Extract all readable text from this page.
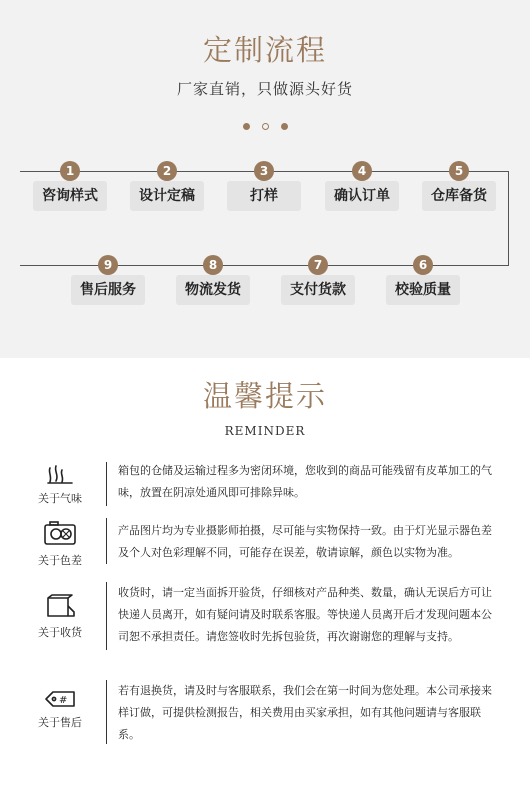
定制流程
厂家直销，只做源头好货
1
咨询样式
2
设计定稿
3
打样
4
确认订单
5
仓库备货
6
校验质量
7
支付货款
8
物流发货
9
售后服务
温馨提示
REMINDER
关于气味
箱包的仓储及运输过程多为密闭环境，您收到的商品可能残留有皮革加工的气味，放置在阴凉处通风即可排除异味。
关于色差
产品图片均为专业摄影师拍摄，尽可能与实物保持一致。由于灯光显示器色差及个人对色彩理解不同，可能存在误差，敬请谅解，颜色以实物为准。
关于收货
收货时，请一定当面拆开验货，仔细核对产品种类、数量，确认无误后方可让快递人员离开，如有疑问请及时联系客服。等快递人员离开后才发现问题本公司恕不承担责任。请您签收时先拆包验货，再次谢谢您的理解与支持。
#
关于售后
若有退换货，请及时与客服联系，我们会在第一时间为您处理。本公司承接来样订做，可提供检测报告，相关费用由买家承担，如有其他问题请与客服联系。
